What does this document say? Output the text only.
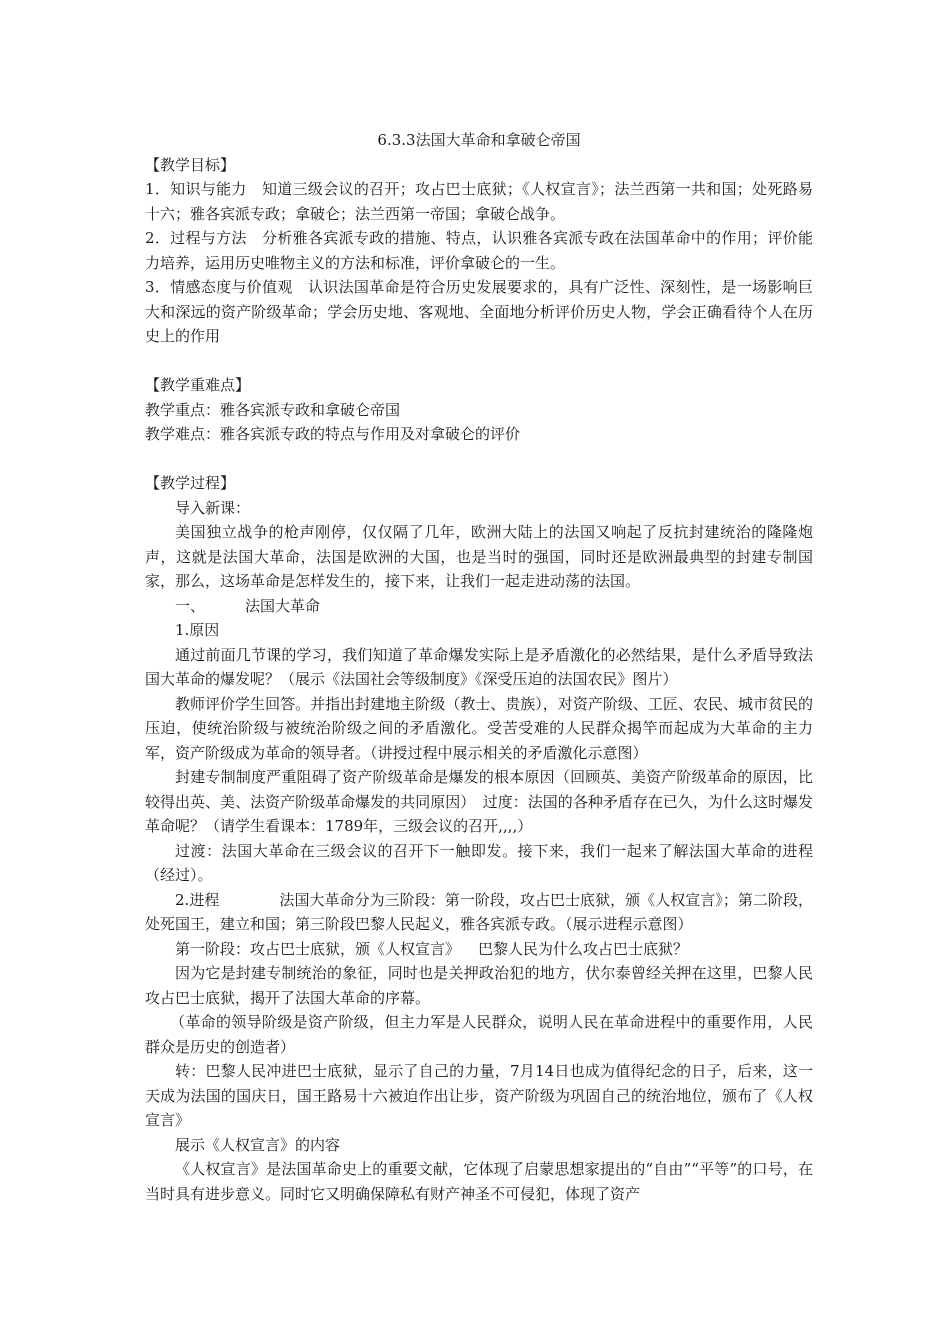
6.3.3法国大革命和拿破仑帝国

【教学目标】

1．知识与能力　知道三级会议的召开；攻占巴士底狱；《人权宣言》；法兰西第一共和国；处死路易十六；雅各宾派专政；拿破仑；法兰西第一帝国；拿破仑战争。

2．过程与方法　分析雅各宾派专政的措施、特点，认识雅各宾派专政在法国革命中的作用；评价能力培养，运用历史唯物主义的方法和标准，评价拿破仑的一生。

3．情感态度与价值观　认识法国革命是符合历史发展要求的，具有广泛性、深刻性，是一场影响巨大和深远的资产阶级革命；学会历史地、客观地、全面地分析评价历史人物，学会正确看待个人在历史上的作用

【教学重难点】

教学重点：雅各宾派专政和拿破仑帝国

教学难点：雅各宾派专政的特点与作用及对拿破仑的评价

【教学过程】

导入新课：

美国独立战争的枪声刚停，仅仅隔了几年，欧洲大陆上的法国又响起了反抗封建统治的隆隆炮声，这就是法国大革命，法国是欧洲的大国，也是当时的强国，同时还是欧洲最典型的封建专制国家，那么，这场革命是怎样发生的，接下来，让我们一起走进动荡的法国。

一、	法国大革命

1.原因

通过前面几节课的学习，我们知道了革命爆发实际上是矛盾激化的必然结果，是什么矛盾导致法国大革命的爆发呢？（展示《法国社会等级制度》《深受压迫的法国农民》图片）

教师评价学生回答。并指出封建地主阶级（教士、贵族），对资产阶级、工匠、农民、城市贫民的压迫，使统治阶级与被统治阶级之间的矛盾激化。受苦受难的人民群众揭竿而起成为大革命的主力军，资产阶级成为革命的领导者。（讲授过程中展示相关的矛盾激化示意图）

封建专制制度严重阻碍了资产阶级革命是爆发的根本原因（回顾英、美资产阶级革命的原因，比较得出英、美、法资产阶级革命爆发的共同原因）　过度：法国的各种矛盾存在已久，为什么这时爆发革命呢？（请学生看课本：1789年，三级会议的召开,,,,）

过渡：法国大革命在三级会议的召开下一触即发。接下来，我们一起来了解法国大革命的进程（经过）。

2.进程	法国大革命分为三阶段：第一阶段，攻占巴士底狱，颁《人权宣言》；第二阶段，处死国王，建立和国；第三阶段巴黎人民起义，雅各宾派专政。（展示进程示意图）

第一阶段：攻占巴士底狱，颁《人权宣言》 巴黎人民为什么攻占巴士底狱？

因为它是封建专制统治的象征，同时也是关押政治犯的地方，伏尔泰曾经关押在这里，巴黎人民攻占巴士底狱，揭开了法国大革命的序幕。

（革命的领导阶级是资产阶级，但主力军是人民群众，说明人民在革命进程中的重要作用，人民群众是历史的创造者）

转：巴黎人民冲进巴士底狱，显示了自己的力量，7月14日也成为值得纪念的日子，后来，这一天成为法国的国庆日，国王路易十六被迫作出让步，资产阶级为巩固自己的统治地位，颁布了《人权宣言》

展示《人权宣言》的内容

《人权宣言》是法国革命史上的重要文献，它体现了启蒙思想家提出的“自由”“平等”的口号，在当时具有进步意义。同时它又明确保障私有财产神圣不可侵犯，体现了资产
